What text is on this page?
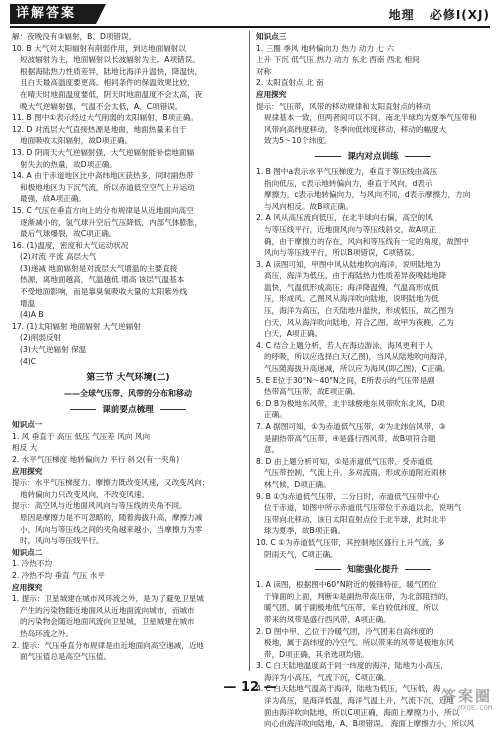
详解答案	地理 必修Ⅰ(XJ)
解：夜晚没有③辐射，B、D项错误。
10. B 大气对太阳辐射有削弱作用，到达地面辐射以
短波辐射为主，地面辐射以长波辐射为主。A项错误。
根据海陆热力性质差异，陆地比海洋升温快，降温快，
且白天最高温度要更高。相同条件的保温效果比较，
在晴天时地面温度要低，阴天时地面温度不会太高，夜
晚大气逆辐射强，气温不会太低，A、C项错误。
11. B 图中①表示经过大气削弱的太阳辐射，B项正确。
12. D 对流层大气直接热源是地面，地面热量来自于
地面吸收太阳辐射，故D项正确。
13. D 阴雨天大气逆辐射强，大气逆辐射能补偿地面辐
射失去的热量，故D项正确。
14. A 由于赤道地区比中高纬地区获热多，同时副热带
和极地地区为下沉气流，所以赤道低空空气上升运动
最强，故A项正确。
15. C 气压在垂直方向上的分布规律是从近地面向高空
逐渐减小的，氢气球升空后气压降低，内部气体膨胀，
最后气球爆裂，故C项正确。
16. (1)温度，密度和大气运动状况
(2)对流 平流 高层大气
(3)递减 地面辐射是对流层大气增温的主要直接
热源，离地面越高，气温越低 增高 该层气温基本
不受地面影响，而是靠臭氧吸收大量的太阳紫外线
增温
(4)A B
17. (1)太阳辐射 地面辐射 大气逆辐射
(2)削弱反射
(3)大气逆辐射 保温
(4)C
第三节 大气环境(二)
——全球气压带、风带的分布和移动
课前要点梳理
知识点一
1. 风 垂直于 高压 低压 气压差 风向 风向
相反 大
2. 水平气压梯度 地转偏向力 平行 斜交(有一夹角)
应用探究
提示：水平气压梯度力、摩擦力既改变风速，又改变风向；
地转偏向力只改变风向，不改变风速。
提示：高空风与近地面风风向与等压线的夹角不同。
原因是摩擦力是不可忽略的，随着海拔升高，摩擦力减
小，风向与等压线之间的夹角越来越小，当摩擦力为零
时，风向与等压线平行。
知识点二
1. 冷热不均
2. 冷热不均 垂直 气压 水平
应用探究
1. 提示：卫星城建在城市风环流之外，是为了避免卫星城
产生的污染物随近地面风从近地面流向城市，而城市
的污染物会随近地面风流向卫星城，卫星城建在城市
热岛环流之外。
2. 提示：气压垂直分布规律是由近地面向高空递减，近地
面气压值总是高空气压值。
知识点三
1. 三圈 季风 地转偏向力 热力 动力 七 六
上升 下沉 低气压 热力 动力 东北 西南 西北 相间
对称
2. 太阳直射点 北 南
应用探究
提示：气压带，风带的移动规律和太阳直射点的移动
规律基本一致，但两者间可以不同，南北半球均为夏季气压带和
风带向高纬度移动，冬季向低纬度移动，移动的幅度大
致为5～10个纬度。
课内对点训练
1. B 图中a表示水平气压梯度力，垂直于等压线由高压
指向低压，c表示地转偏向力，垂直于风向，d表示
摩擦力，c表示地转偏向力，与风向不同，d表示摩擦力，方向
与风向相反。故B项正确。
2. A 风从高压流向低压，在北半球向右偏，高空的风
与等压线平行，近地面风向与等压线斜交，故A项正
确，由于摩擦力的存在，风向和等压线有一定的角度，故图中
风向与等压线平行，所以B项错误，C项错误。
3. A 读图可知，甲图中风从陆地吹向海洋，说明陆地为
高压，海洋为低压，由于海陆热力性质差异夜晚陆地降
温快，气温低形成高压；海洋降温慢，气温高形成低
压，形成风。乙图风从海洋吹向陆地，说明陆地为低
压，海洋为高压，白天陆地升温快，形成低压，故乙图为
白天，风从海洋吹向陆地，符合乙图。故甲为夜晚，乙为
白天，A项正确。
4. C 结合上题分析，若人在海边游泳，海风更利于人
的呼吸，所以应选择白天(乙图)，当风从陆地吹向海洋，
气压随海拔升高递减，所以应为海风(即乙图)，C正确。
5. E E位于30°N～40°N之间，E所表示的气压带是副
热带高气压带，故E项正确。
6. D B为极地东风带，北半球极地东风带吹东北风，D项
正确。
7. A 据图可知，①为赤道低气压带，②为北纬信风带，③
是副热带高气压带，④是盛行西风带，故B项符合题
意。
8. D 由上题分析可知，①是赤道低气压带，受赤道低
气压带控制，气流上升，多对流雨，形成赤道附近雨林
林气候，D项正确。
9. B ①为赤道低气压带，二分日时，赤道低气压带中心
位于赤道，如图中所示赤道低气压带位于赤道以北，说明气
压带向北移动，该日太阳直射点位于北半球，此时北半
球为夏季，故B项正确。
10. C ①为赤道低气压带，其控制地区盛行上升气流，多
阴雨天气，C项正确。
知能强化提升
1. A 读图，根据图中60°N附近的极锋特征，暖气团位
于锋面的上面，判断①是副热带高压带，为北部阻挡的，
暖气团，属于副极地低气压带，来自较低纬度，所以
带来的风带是盛行西风带，A项正确。
2. D 图中甲、乙位于冷暖气团，冷气团来自高纬度的
极地，属于高纬度的冷空气。所以带来的风带是极地东风
带，D项正确，其余选项均错。
3. C 白天陆地温度高于同一纬度的海洋，陆地为小高压，
海洋为小高压，气流下沉，C项正确。
4. C 白天陆地气温高于海洋，陆地为低压，气压低，海
洋为高压，是海洋低温，海洋气温上升，气流下沉，近地
面由海洋吹向陆地，所以C项正确，海面上摩擦力小，所以
向心由海洋吹向陆地，A、B项错误。 海面上摩擦力小，所以风
— 12 —	答案圈
MXQE.COM
